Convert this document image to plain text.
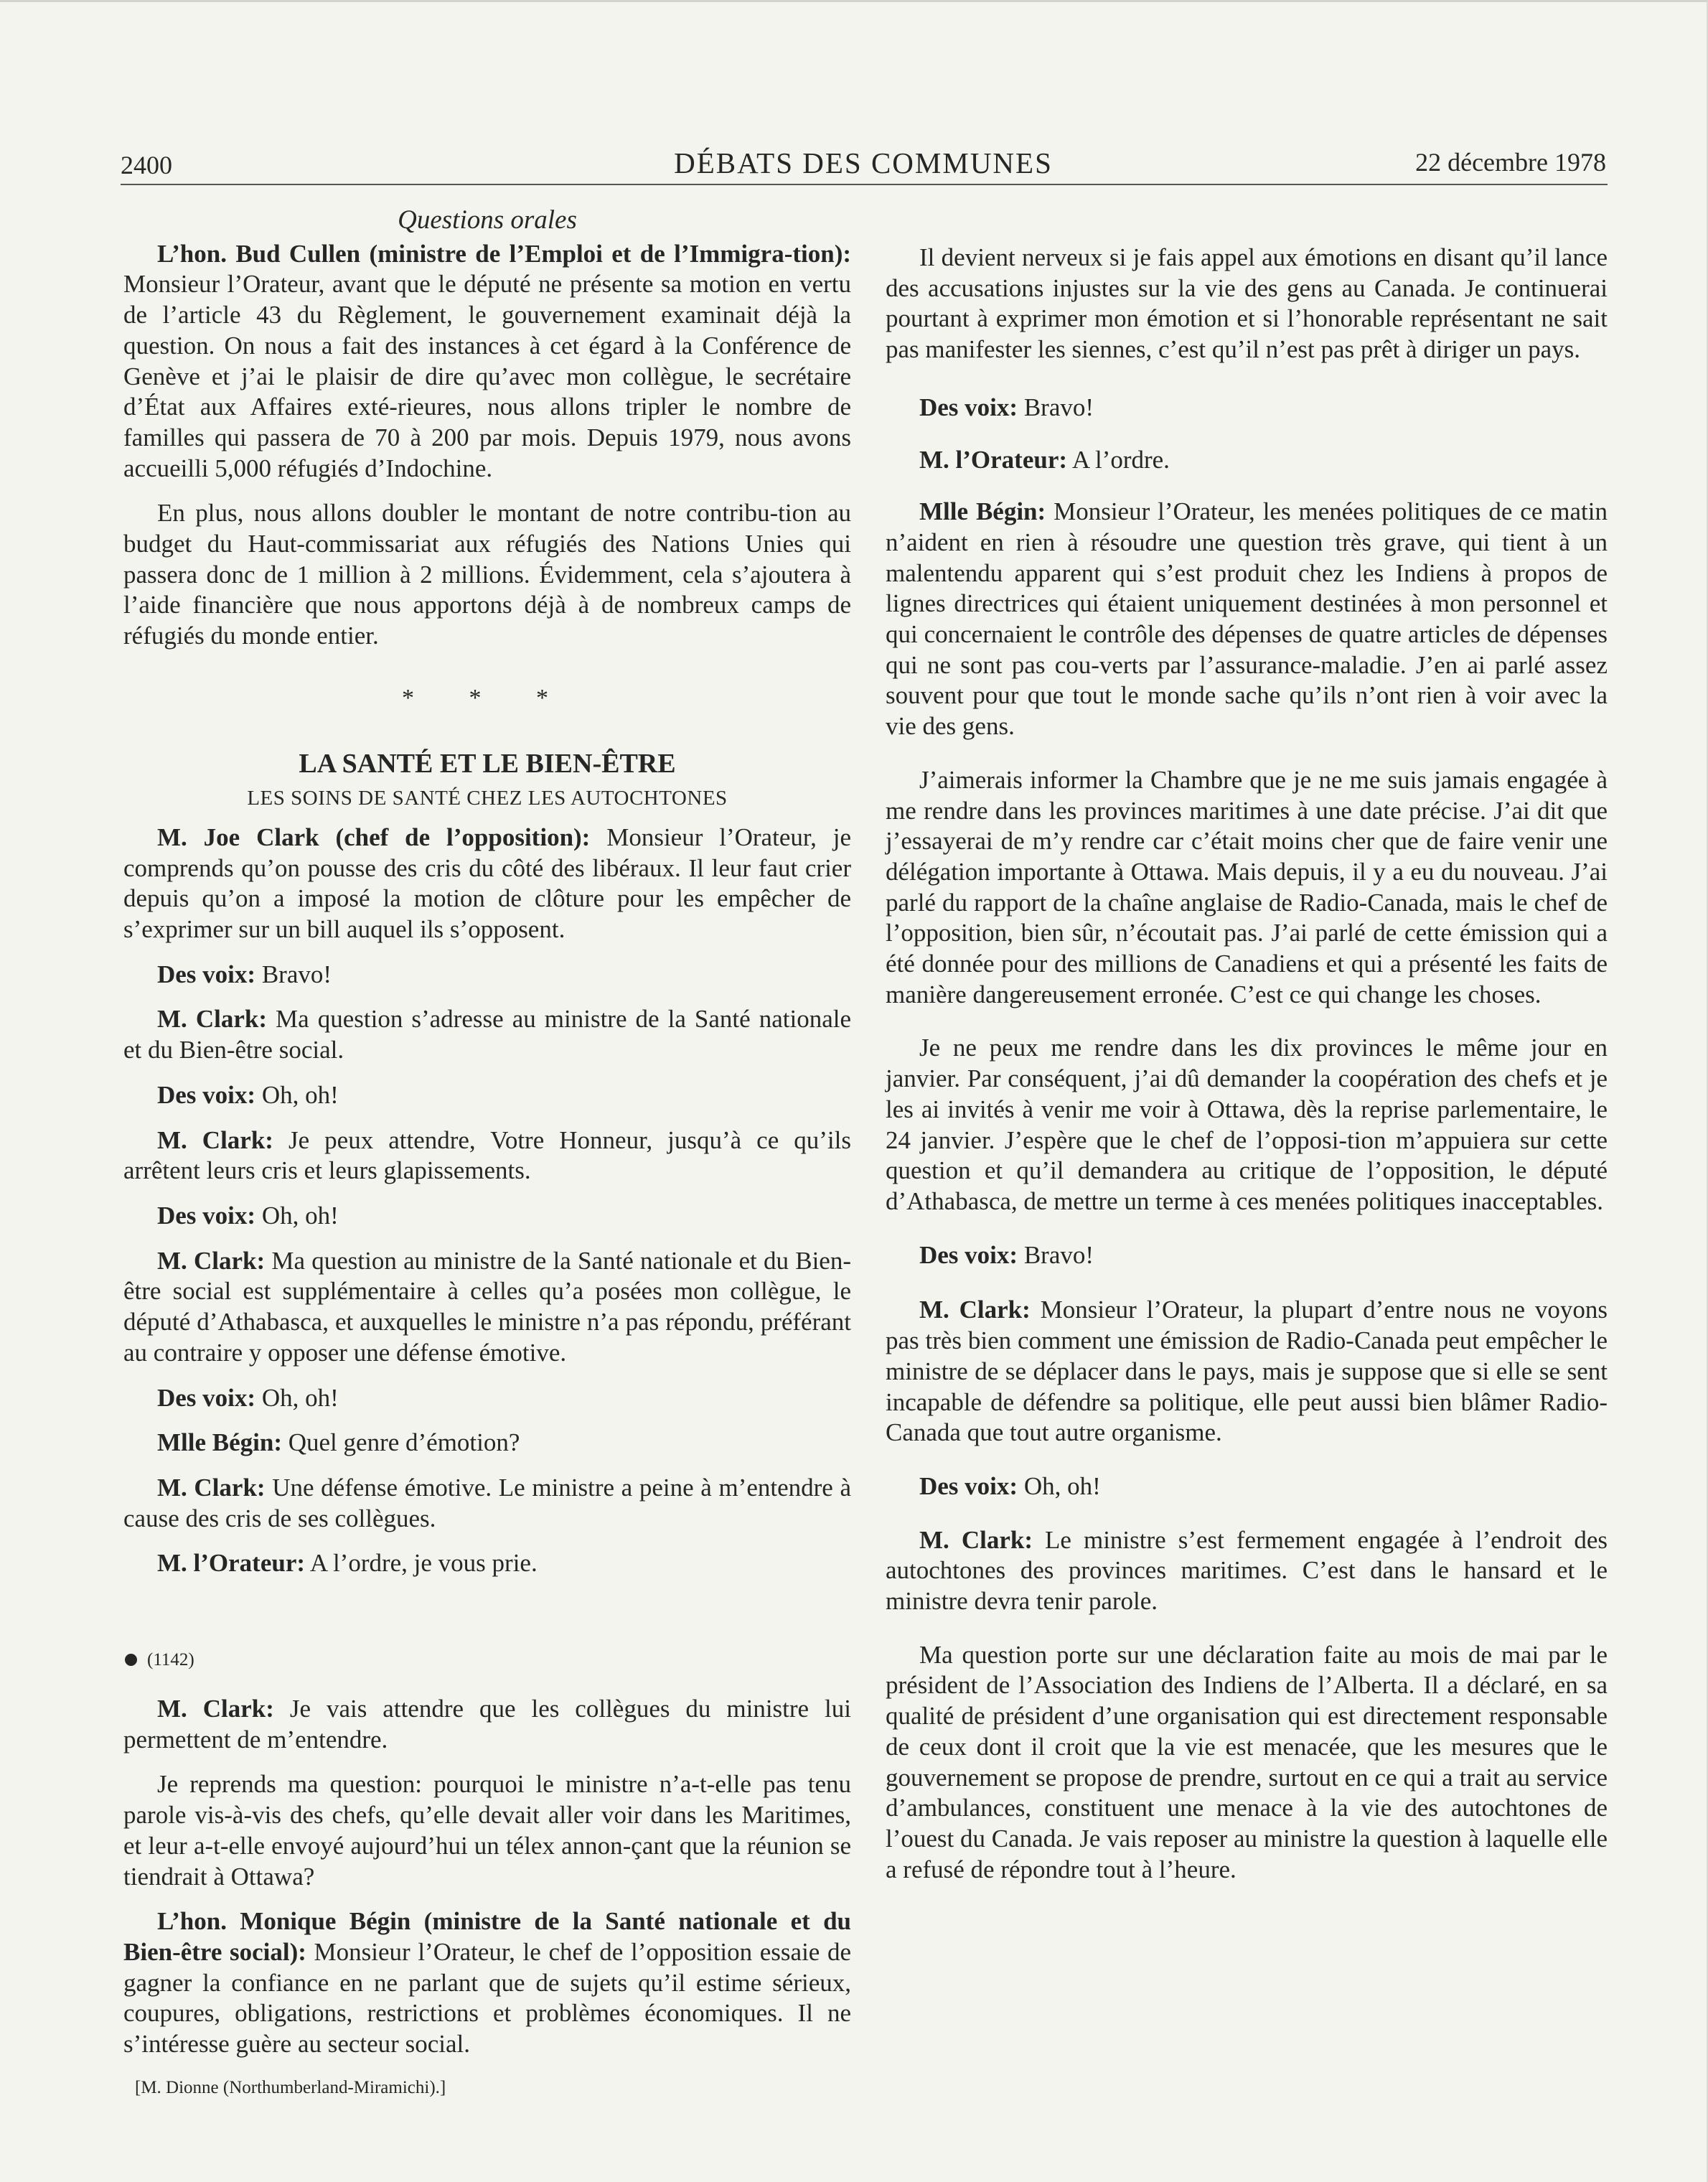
2400	DÉBATS DES COMMUNES	22 décembre 1978
Questions orales

L’hon. Bud Cullen (ministre de l’Emploi et de l’Immigra-tion): Monsieur l’Orateur, avant que le député ne présente sa motion en vertu de l’article 43 du Règlement, le gouvernement examinait déjà la question. On nous a fait des instances à cet égard à la Conférence de Genève et j’ai le plaisir de dire qu’avec mon collègue, le secrétaire d’État aux Affaires exté-rieures, nous allons tripler le nombre de familles qui passera de 70 à 200 par mois. Depuis 1979, nous avons accueilli 5,000 réfugiés d’Indochine.

En plus, nous allons doubler le montant de notre contribu-tion au budget du Haut-commissariat aux réfugiés des Nations Unies qui passera donc de 1 million à 2 millions. Évidemment, cela s’ajoutera à l’aide financière que nous apportons déjà à de nombreux camps de réfugiés du monde entier.

* * *
LA SANTÉ ET LE BIEN-ÊTRE
LES SOINS DE SANTÉ CHEZ LES AUTOCHTONES

M. Joe Clark (chef de l’opposition): Monsieur l’Orateur, je comprends qu’on pousse des cris du côté des libéraux. Il leur faut crier depuis qu’on a imposé la motion de clôture pour les empêcher de s’exprimer sur un bill auquel ils s’opposent.

Des voix: Bravo!

M. Clark: Ma question s’adresse au ministre de la Santé nationale et du Bien-être social.

Des voix: Oh, oh!

M. Clark: Je peux attendre, Votre Honneur, jusqu’à ce qu’ils arrêtent leurs cris et leurs glapissements.

Des voix: Oh, oh!

M. Clark: Ma question au ministre de la Santé nationale et du Bien-être social est supplémentaire à celles qu’a posées mon collègue, le député d’Athabasca, et auxquelles le ministre n’a pas répondu, préférant au contraire y opposer une défense émotive.

Des voix: Oh, oh!

Mlle Bégin: Quel genre d’émotion?

M. Clark: Une défense émotive. Le ministre a peine à m’entendre à cause des cris de ses collègues.

M. l’Orateur: A l’ordre, je vous prie.

(1142)

M. Clark: Je vais attendre que les collègues du ministre lui permettent de m’entendre.

Je reprends ma question: pourquoi le ministre n’a-t-elle pas tenu parole vis-à-vis des chefs, qu’elle devait aller voir dans les Maritimes, et leur a-t-elle envoyé aujourd’hui un télex annon-çant que la réunion se tiendrait à Ottawa?

L’hon. Monique Bégin (ministre de la Santé nationale et du Bien-être social): Monsieur l’Orateur, le chef de l’opposition essaie de gagner la confiance en ne parlant que de sujets qu’il estime sérieux, coupures, obligations, restrictions et problèmes économiques. Il ne s’intéresse guère au secteur social.

[M. Dionne (Northumberland-Miramichi).]

Il devient nerveux si je fais appel aux émotions en disant qu’il lance des accusations injustes sur la vie des gens au Canada. Je continuerai pourtant à exprimer mon émotion et si l’honorable représentant ne sait pas manifester les siennes, c’est qu’il n’est pas prêt à diriger un pays.

Des voix: Bravo!

M. l’Orateur: A l’ordre.

Mlle Bégin: Monsieur l’Orateur, les menées politiques de ce matin n’aident en rien à résoudre une question très grave, qui tient à un malentendu apparent qui s’est produit chez les Indiens à propos de lignes directrices qui étaient uniquement destinées à mon personnel et qui concernaient le contrôle des dépenses de quatre articles de dépenses qui ne sont pas cou-verts par l’assurance-maladie. J’en ai parlé assez souvent pour que tout le monde sache qu’ils n’ont rien à voir avec la vie des gens.

J’aimerais informer la Chambre que je ne me suis jamais engagée à me rendre dans les provinces maritimes à une date précise. J’ai dit que j’essayerai de m’y rendre car c’était moins cher que de faire venir une délégation importante à Ottawa. Mais depuis, il y a eu du nouveau. J’ai parlé du rapport de la chaîne anglaise de Radio-Canada, mais le chef de l’opposition, bien sûr, n’écoutait pas. J’ai parlé de cette émission qui a été donnée pour des millions de Canadiens et qui a présenté les faits de manière dangereusement erronée. C’est ce qui change les choses.

Je ne peux me rendre dans les dix provinces le même jour en janvier. Par conséquent, j’ai dû demander la coopération des chefs et je les ai invités à venir me voir à Ottawa, dès la reprise parlementaire, le 24 janvier. J’espère que le chef de l’opposi-tion m’appuiera sur cette question et qu’il demandera au critique de l’opposition, le député d’Athabasca, de mettre un terme à ces menées politiques inacceptables.

Des voix: Bravo!

M. Clark: Monsieur l’Orateur, la plupart d’entre nous ne voyons pas très bien comment une émission de Radio-Canada peut empêcher le ministre de se déplacer dans le pays, mais je suppose que si elle se sent incapable de défendre sa politique, elle peut aussi bien blâmer Radio-Canada que tout autre organisme.

Des voix: Oh, oh!

M. Clark: Le ministre s’est fermement engagée à l’endroit des autochtones des provinces maritimes. C’est dans le hansard et le ministre devra tenir parole.

Ma question porte sur une déclaration faite au mois de mai par le président de l’Association des Indiens de l’Alberta. Il a déclaré, en sa qualité de président d’une organisation qui est directement responsable de ceux dont il croit que la vie est menacée, que les mesures que le gouvernement se propose de prendre, surtout en ce qui a trait au service d’ambulances, constituent une menace à la vie des autochtones de l’ouest du Canada. Je vais reposer au ministre la question à laquelle elle a refusé de répondre tout à l’heure.
